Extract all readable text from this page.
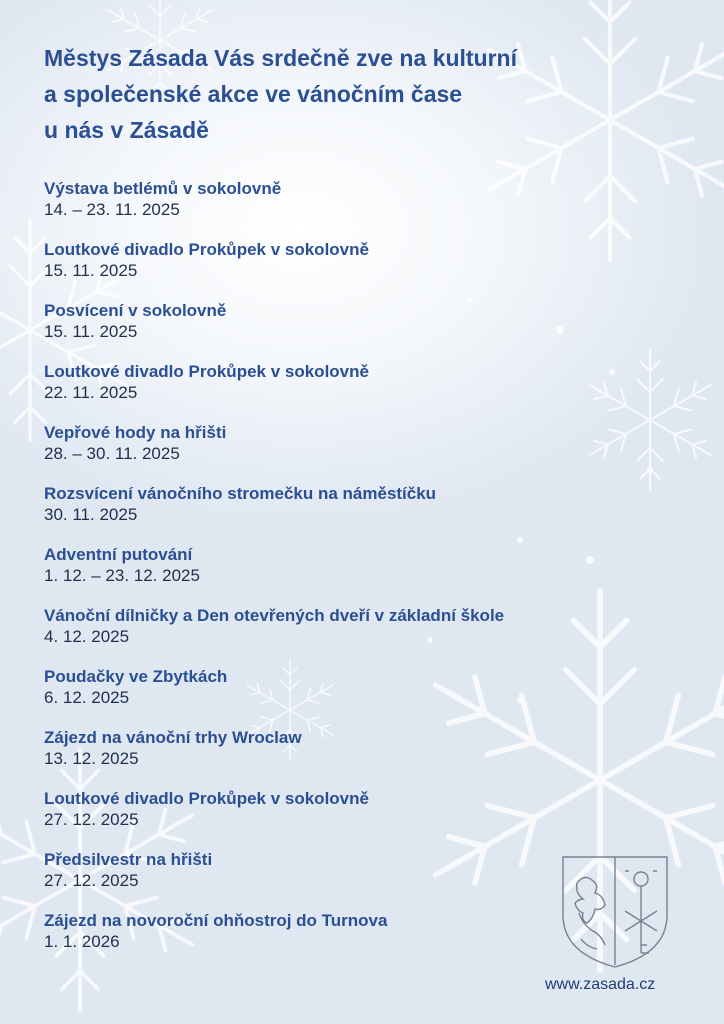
Městys Zásada Vás srdečně zve na kulturní
a společenské akce ve vánočním čase
u nás v Zásadě
Výstava betlémů v sokolovně
14. – 23. 11. 2025
Loutkové divadlo Prokůpek v sokolovně
15. 11. 2025
Posvícení v sokolovně
15. 11. 2025
Loutkové divadlo Prokůpek v sokolovně
22. 11. 2025
Vepřové hody na hřišti
28. – 30. 11. 2025
Rozsvícení vánočního stromečku na náměstíčku
30. 11. 2025
Adventní putování
1. 12. – 23. 12. 2025
Vánoční dílničky a Den otevřených dveří v základní škole
4. 12. 2025
Poudačky ve Zbytkách
6. 12. 2025
Zájezd na vánoční trhy Wroclaw
13. 12. 2025
Loutkové divadlo Prokůpek v sokolovně
27. 12. 2025
Předsilvestr na hřišti
27. 12. 2025
Zájezd na novoroční ohňostroj do Turnova
1. 1. 2026
www.zasada.cz
